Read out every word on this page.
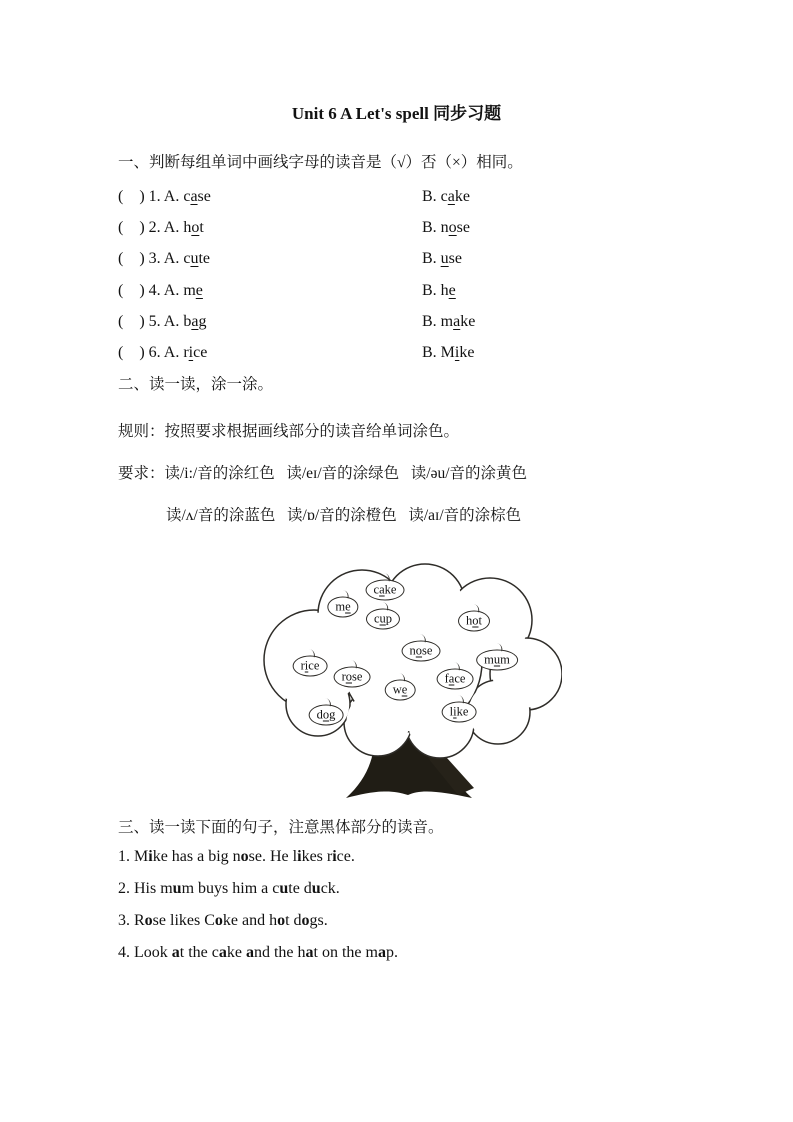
Unit 6 A Let's spell 同步习题
一、判断每组单词中画线字母的读音是（√）否（×）相同。
(    ) 1. A. case	B. cake
(    ) 2. A. hot	B. nose
(    ) 3. A. cute	B. use
(    ) 4. A. me	B. he
(    ) 5. A. bag	B. make
(    ) 6. A. rice	B. Mike
二、读一读，涂一涂。
规则：按照要求根据画线部分的读音给单词涂色。
要求：读/i:/音的涂红色   读/eɪ/音的涂绿色   读/əu/音的涂黄色
读/ʌ/音的涂蓝色   读/ɒ/音的涂橙色   读/aɪ/音的涂棕色
cake
me
cup	hot
nose
mum
rice
rose	face
we
like
dog
三、读一读下面的句子，注意黑体部分的读音。
1. Mike has a big nose. He likes rice.
2. His mum buys him a cute duck.
3. Rose likes Coke and hot dogs.
4. Look at the cake and the hat on the map.
